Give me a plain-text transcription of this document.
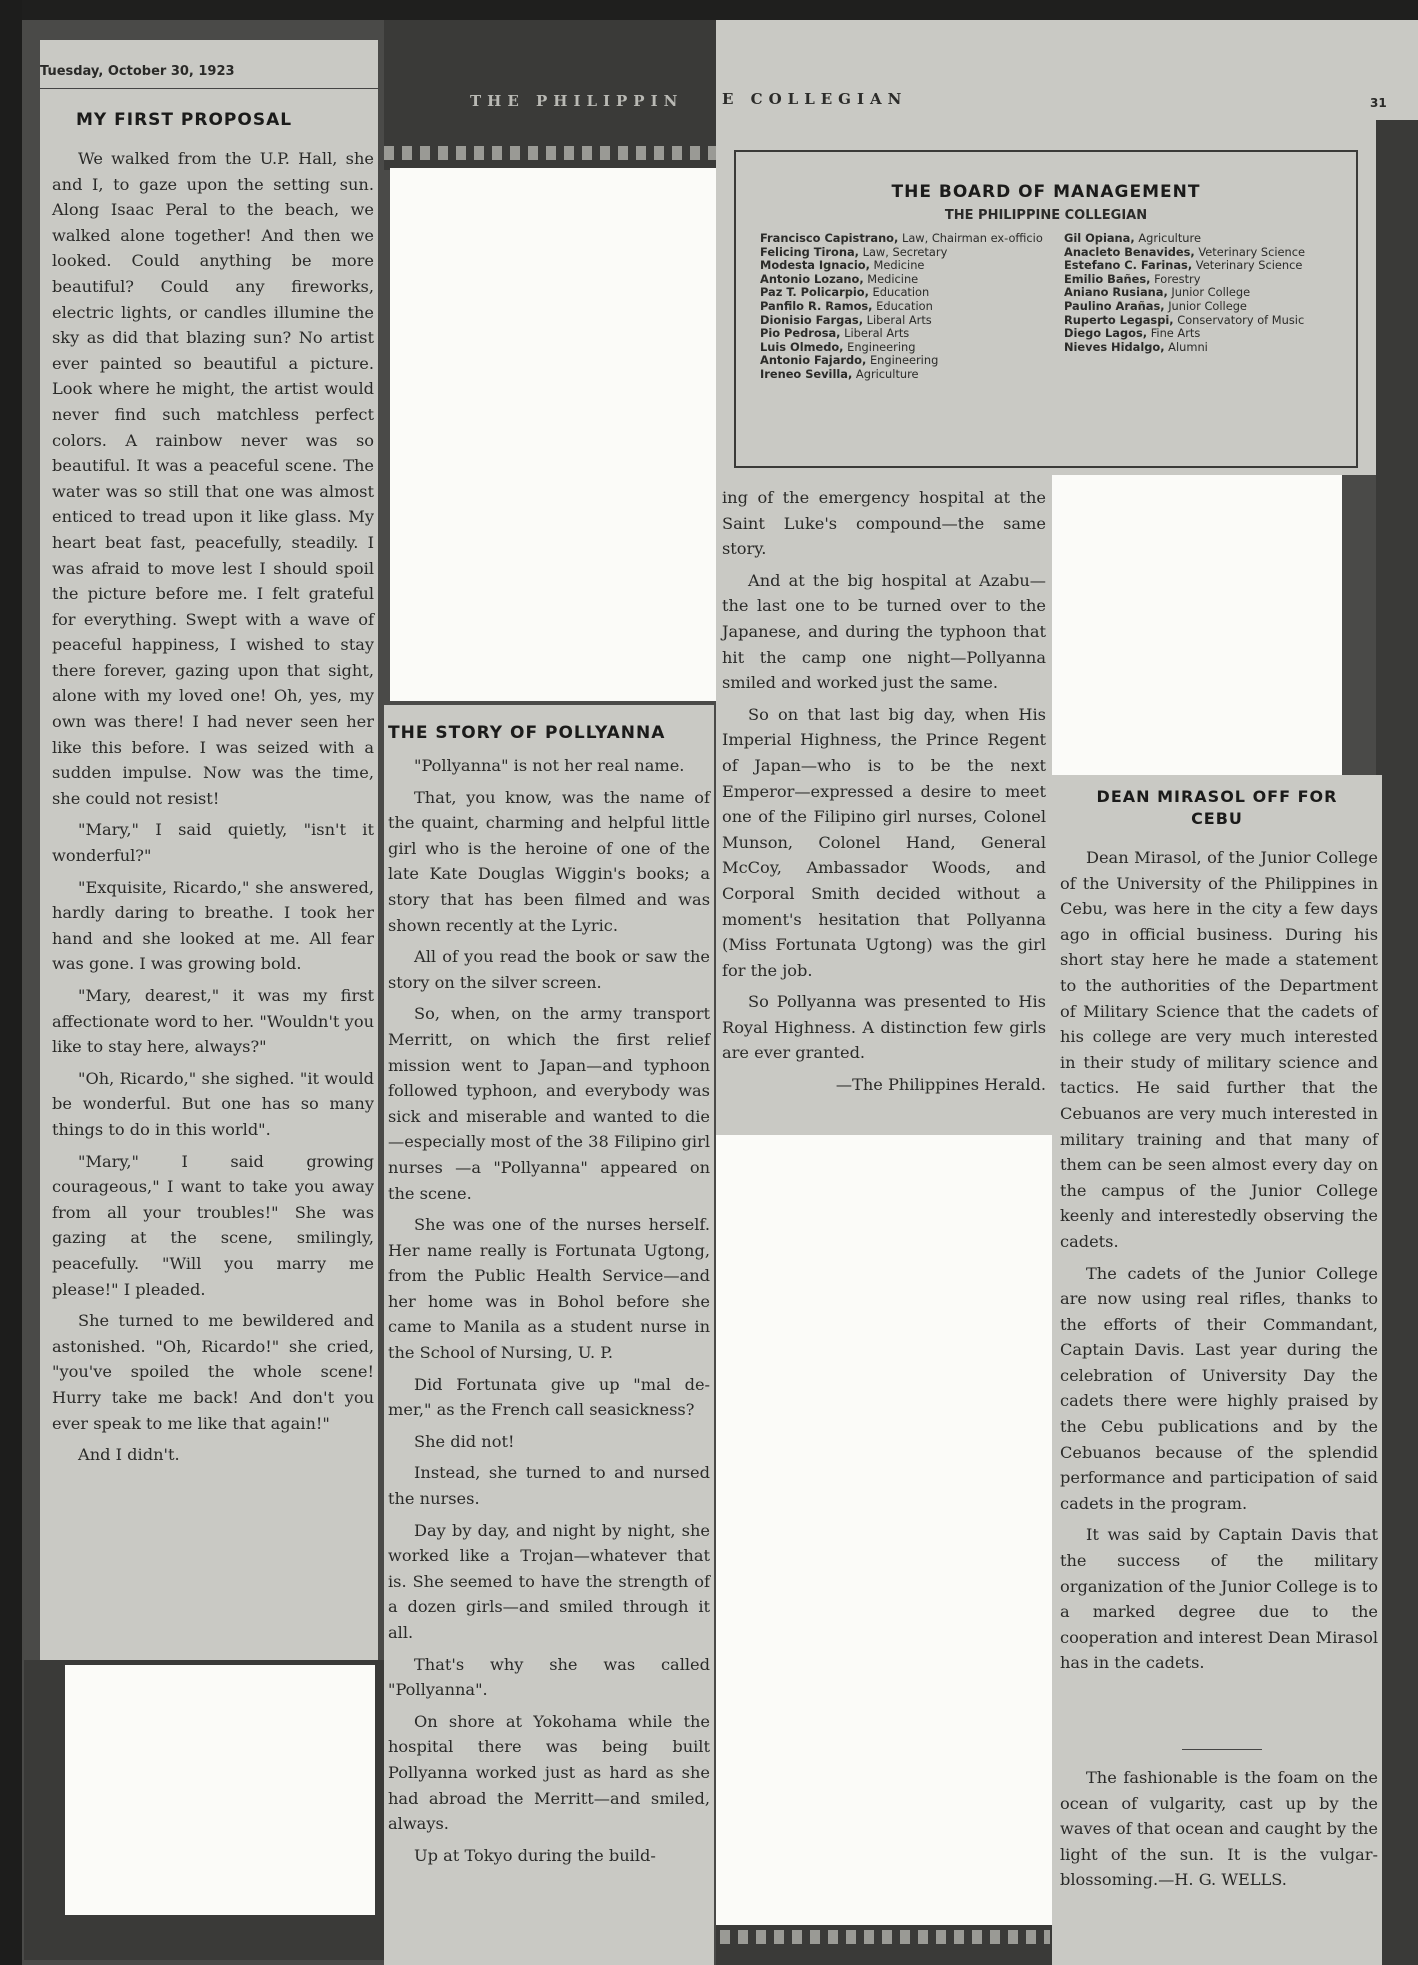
Tuesday, October 30, 1923
MY FIRST PROPOSAL

We walked from the U.P. Hall, she and I, to gaze upon the setting sun. Along Isaac Peral to the beach, we walked alone together! And then we looked. Could anything be more beautiful? Could any fireworks, electric lights, or candles illumine the sky as did that blazing sun? No artist ever painted so beautiful a picture. Look where he might, the artist would never find such matchless perfect colors. A rainbow never was so beautiful. It was a peaceful scene. The water was so still that one was almost enticed to tread upon it like glass. My heart beat fast, peacefully, steadily. I was afraid to move lest I should spoil the picture before me. I felt grateful for everything. Swept with a wave of peaceful happiness, I wished to stay there forever, gazing upon that sight, alone with my loved one! Oh, yes, my own was there! I had never seen her like this before. I was seized with a sudden impulse. Now was the time, she could not resist!

"Mary," I said quietly, "isn't it wonderful?"

"Exquisite, Ricardo," she answered, hardly daring to breathe. I took her hand and she looked at me. All fear was gone. I was growing bold.

"Mary, dearest," it was my first affectionate word to her. "Wouldn't you like to stay here, always?"

"Oh, Ricardo," she sighed. "it would be wonderful. But one has so many things to do in this world".

"Mary," I said growing courageous," I want to take you away from all your troubles!" She was gazing at the scene, smilingly, peacefully. "Will you marry me please!" I pleaded.

She turned to me bewildered and astonished. "Oh, Ricardo!" she cried, "you've spoiled the whole scene! Hurry take me back! And don't you ever speak to me like that again!"

And I didn't.

THE PHILIPPIN
THE STORY OF POLLYANNA

"Pollyanna" is not her real name.

That, you know, was the name of the quaint, charming and helpful little girl who is the heroine of one of the late Kate Douglas Wiggin's books; a story that has been filmed and was shown recently at the Lyric.

All of you read the book or saw the story on the silver screen.

So, when, on the army transport Merritt, on which the first relief mission went to Japan—and typhoon followed typhoon, and everybody was sick and miserable and wanted to die—especially most of the 38 Filipino girl nurses —a "Pollyanna" appeared on the scene.

She was one of the nurses herself. Her name really is Fortunata Ugtong, from the Public Health Service—and her home was in Bohol before she came to Manila as a student nurse in the School of Nursing, U. P.

Did Fortunata give up "mal de-mer," as the French call seasickness?

She did not!

Instead, she turned to and nursed the nurses.

Day by day, and night by night, she worked like a Trojan—whatever that is. She seemed to have the strength of a dozen girls—and smiled through it all.

That's why she was called "Pollyanna".

On shore at Yokohama while the hospital there was being built Pollyanna worked just as hard as she had abroad the Merritt—and smiled, always.

Up at Tokyo during the build-

E COLLEGIAN	31
THE BOARD OF MANAGEMENT
THE PHILIPPINE COLLEGIAN
Francisco Capistrano, Law, Chairman ex-officio
Felicing Tirona, Law, Secretary
Modesta Ignacio, Medicine
Antonio Lozano, Medicine
Paz T. Policarpio, Education
Panfilo R. Ramos, Education
Dionisio Fargas, Liberal Arts
Pio Pedrosa, Liberal Arts
Luis Olmedo, Engineering
Antonio Fajardo, Engineering
Ireneo Sevilla, Agriculture
Gil Opiana, Agriculture
Anacleto Benavides, Veterinary Science
Estefano C. Farinas, Veterinary Science
Emilio Bañes, Forestry
Aniano Rusiana, Junior College
Paulino Arañas, Junior College
Ruperto Legaspi, Conservatory of Music
Diego Lagos, Fine Arts
Nieves Hidalgo, Alumni

ing of the emergency hospital at the Saint Luke's compound—the same story.

And at the big hospital at Azabu—the last one to be turned over to the Japanese, and during the typhoon that hit the camp one night—Pollyanna smiled and worked just the same.

So on that last big day, when His Imperial Highness, the Prince Regent of Japan—who is to be the next Emperor—expressed a desire to meet one of the Filipino girl nurses, Colonel Munson, Colonel Hand, General McCoy, Ambassador Woods, and Corporal Smith decided without a moment's hesitation that Pollyanna (Miss Fortunata Ugtong) was the girl for the job.

So Pollyanna was presented to His Royal Highness. A distinction few girls are ever granted.

—The Philippines Herald.

DEAN MIRASOL OFF FOR
CEBU

Dean Mirasol, of the Junior College of the University of the Philippines in Cebu, was here in the city a few days ago in official business. During his short stay here he made a statement to the authorities of the Department of Military Science that the cadets of his college are very much interested in their study of military science and tactics. He said further that the Cebuanos are very much interested in military training and that many of them can be seen almost every day on the campus of the Junior College keenly and interestedly observing the cadets.

The cadets of the Junior College are now using real rifles, thanks to the efforts of their Commandant, Captain Davis. Last year during the celebration of University Day the cadets there were highly praised by the Cebu publications and by the Cebuanos because of the splendid performance and participation of said cadets in the program.

It was said by Captain Davis that the success of the military organization of the Junior College is to a marked degree due to the cooperation and interest Dean Mirasol has in the cadets.

The fashionable is the foam on the ocean of vulgarity, cast up by the waves of that ocean and caught by the light of the sun. It is the vulgar-blossoming.—H. G. WELLS.
